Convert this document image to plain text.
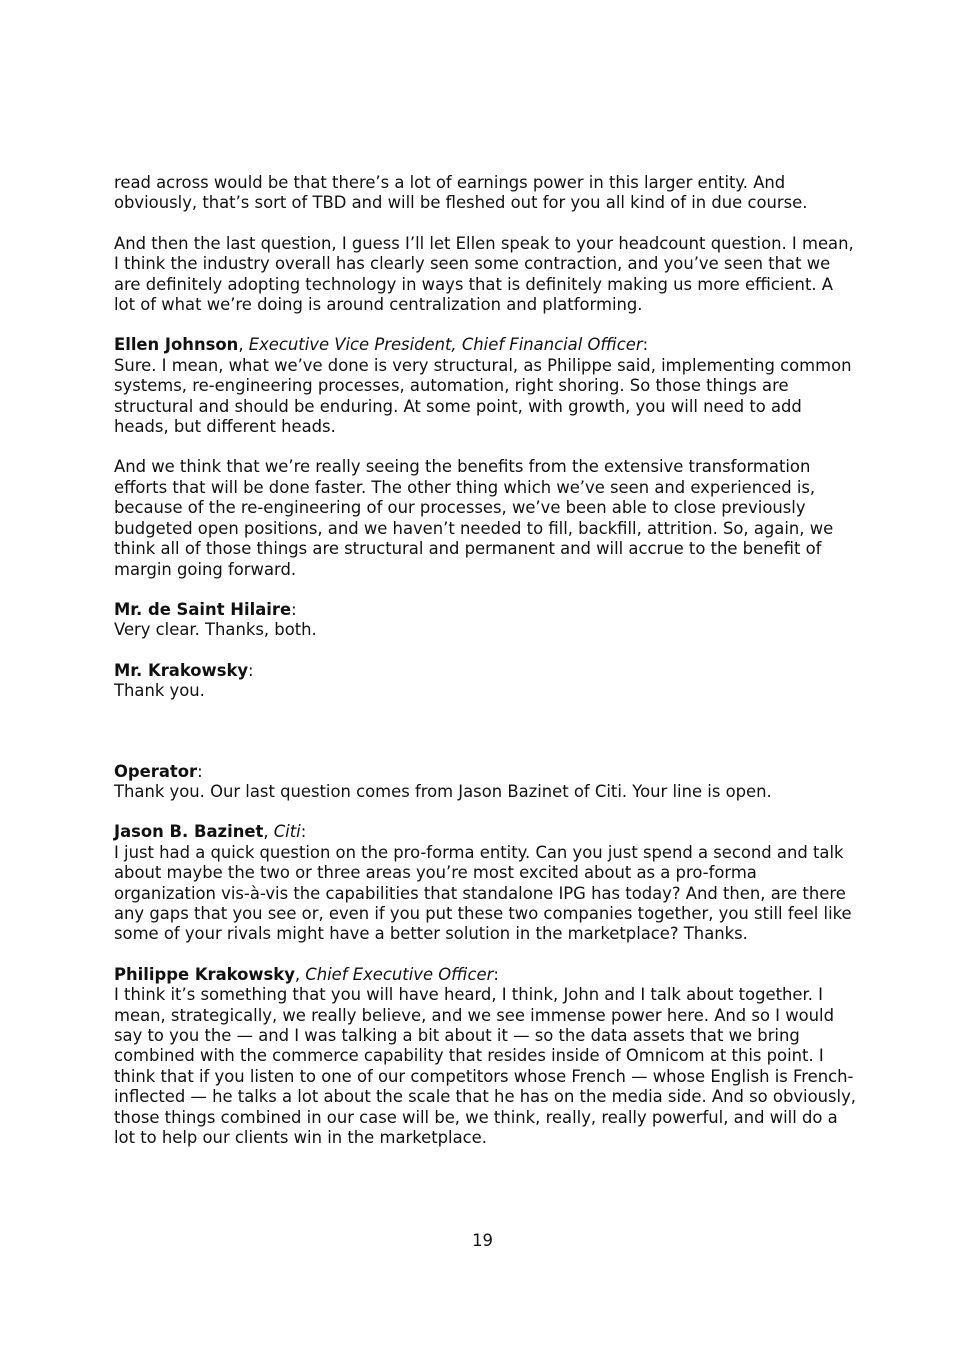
read across would be that there’s a lot of earnings power in this larger entity. And obviously, that’s sort of TBD and will be fleshed out for you all kind of in due course.

And then the last question, I guess I’ll let Ellen speak to your headcount question. I mean, I think the industry overall has clearly seen some contraction, and you’ve seen that we are definitely adopting technology in ways that is definitely making us more efficient. A lot of what we’re doing is around centralization and platforming.

Ellen Johnson, Executive Vice President, Chief Financial Officer:
Sure. I mean, what we’ve done is very structural, as Philippe said, implementing common systems, re-engineering processes, automation, right shoring. So those things are structural and should be enduring. At some point, with growth, you will need to add heads, but different heads.

And we think that we’re really seeing the benefits from the extensive transformation efforts that will be done faster. The other thing which we’ve seen and experienced is, because of the re-engineering of our processes, we’ve been able to close previously budgeted open positions, and we haven’t needed to fill, backfill, attrition. So, again, we think all of those things are structural and permanent and will accrue to the benefit of margin going forward.

Mr. de Saint Hilaire:
Very clear. Thanks, both.
Mr. Krakowsky:
Thank you.
Operator:
Thank you. Our last question comes from Jason Bazinet of Citi. Your line is open.
Jason B. Bazinet, Citi:
I just had a quick question on the pro-forma entity. Can you just spend a second and talk about maybe the two or three areas you’re most excited about as a pro-forma organization vis-à-vis the capabilities that standalone IPG has today? And then, are there any gaps that you see or, even if you put these two companies together, you still feel like some of your rivals might have a better solution in the marketplace? Thanks.
Philippe Krakowsky, Chief Executive Officer:
I think it’s something that you will have heard, I think, John and I talk about together. I mean, strategically, we really believe, and we see immense power here. And so I would say to you the — and I was talking a bit about it — so the data assets that we bring combined with the commerce capability that resides inside of Omnicom at this point. I think that if you listen to one of our competitors whose French — whose English is French-inflected — he talks a lot about the scale that he has on the media side. And so obviously, those things combined in our case will be, we think, really, really powerful, and will do a lot to help our clients win in the marketplace.
19
